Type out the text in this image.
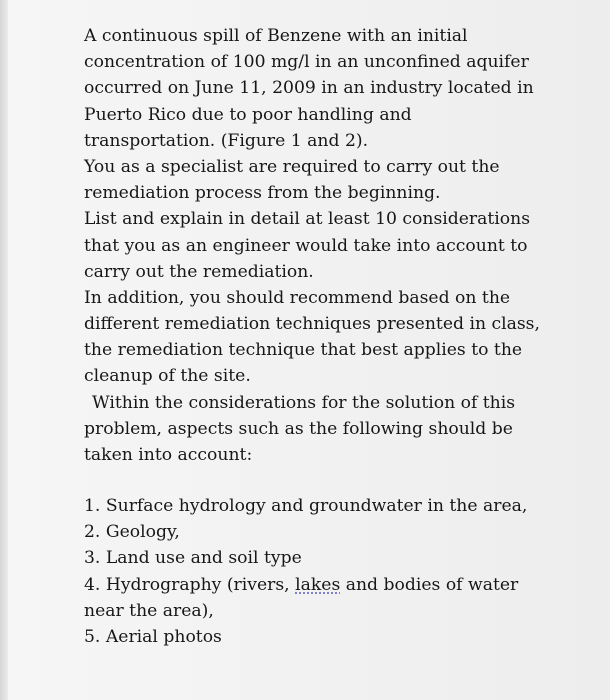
A continuous spill of Benzene with an initial
concentration of 100 mg/l in an unconfined aquifer
occurred on June 11, 2009 in an industry located in
Puerto Rico due to poor handling and
transportation. (Figure 1 and 2).
You as a specialist are required to carry out the
remediation process from the beginning.
List and explain in detail at least 10 considerations
that you as an engineer would take into account to
carry out the remediation.
In addition, you should recommend based on the
different remediation techniques presented in class,
the remediation technique that best applies to the
cleanup of the site.
Within the considerations for the solution of this
problem, aspects such as the following should be
taken into account:
1. Surface hydrology and groundwater in the area,
2. Geology,
3. Land use and soil type
4. Hydrography (rivers, lakes and bodies of water
near the area),
5. Aerial photos
